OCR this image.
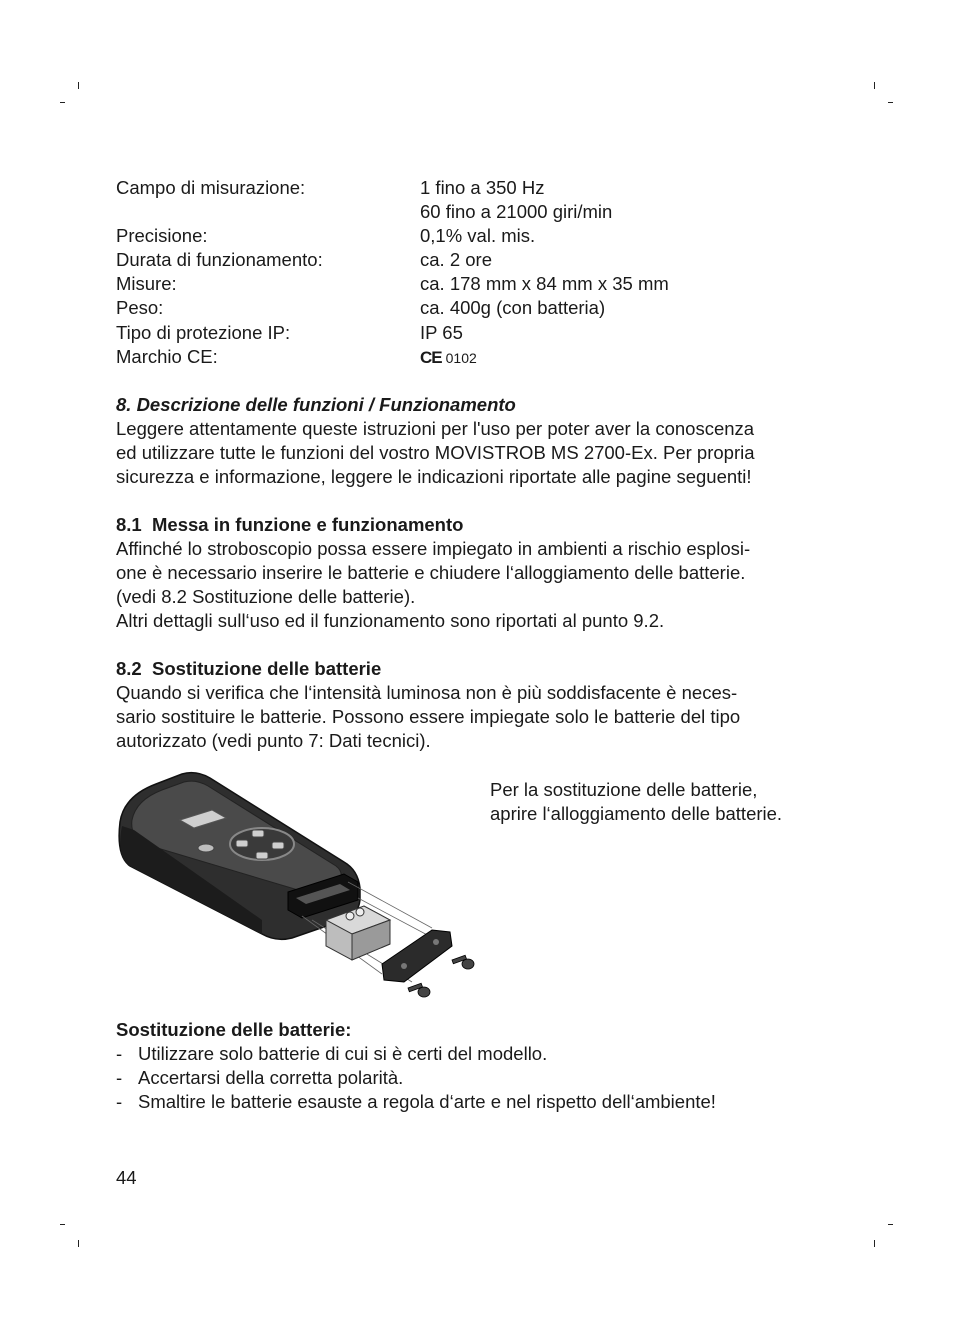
Campo di misurazione:	1 fino a 350 Hz
60 fino a 21000 giri/min
Precisione:	0,1% val. mis.
Durata di funzionamento:	ca. 2 ore
Misure:	ca. 178 mm x 84 mm x 35 mm
Peso:	ca. 400g (con batteria)
Tipo di protezione IP:	IP 65
Marchio CE:	CE 0102

8. Descrizione delle funzioni / Funzionamento

Leggere attentamente queste istruzioni per l'uso per poter aver la conoscenza

ed utilizzare tutte le funzioni del vostro MOVISTROB MS 2700-Ex. Per propria

sicurezza e informazione, leggere le indicazioni riportate alle pagine seguenti!

8.1 Messa in funzione e funzionamento

Affinché lo stroboscopio possa essere impiegato in ambienti a rischio esplosi-

one è necessario inserire le batterie e chiudere l‘alloggiamento delle batterie.

(vedi 8.2 Sostituzione delle batterie).

Altri dettagli sull‘uso ed il funzionamento sono riportati al punto 9.2.

8.2 Sostituzione delle batterie

Quando si verifica che l‘intensità luminosa non è più soddisfacente è neces-

sario sostituire le batterie. Possono essere impiegate solo le batterie del tipo

autorizzato (vedi punto 7: Dati tecnici).

Per la sostituzione delle batterie,

aprire l‘alloggiamento delle batterie.

Sostituzione delle batterie:

- Utilizzare solo batterie di cui si è certi del modello.
- Accertarsi della corretta polarità.
- Smaltire le batterie esauste a regola d‘arte e nel rispetto dell‘ambiente!
44
